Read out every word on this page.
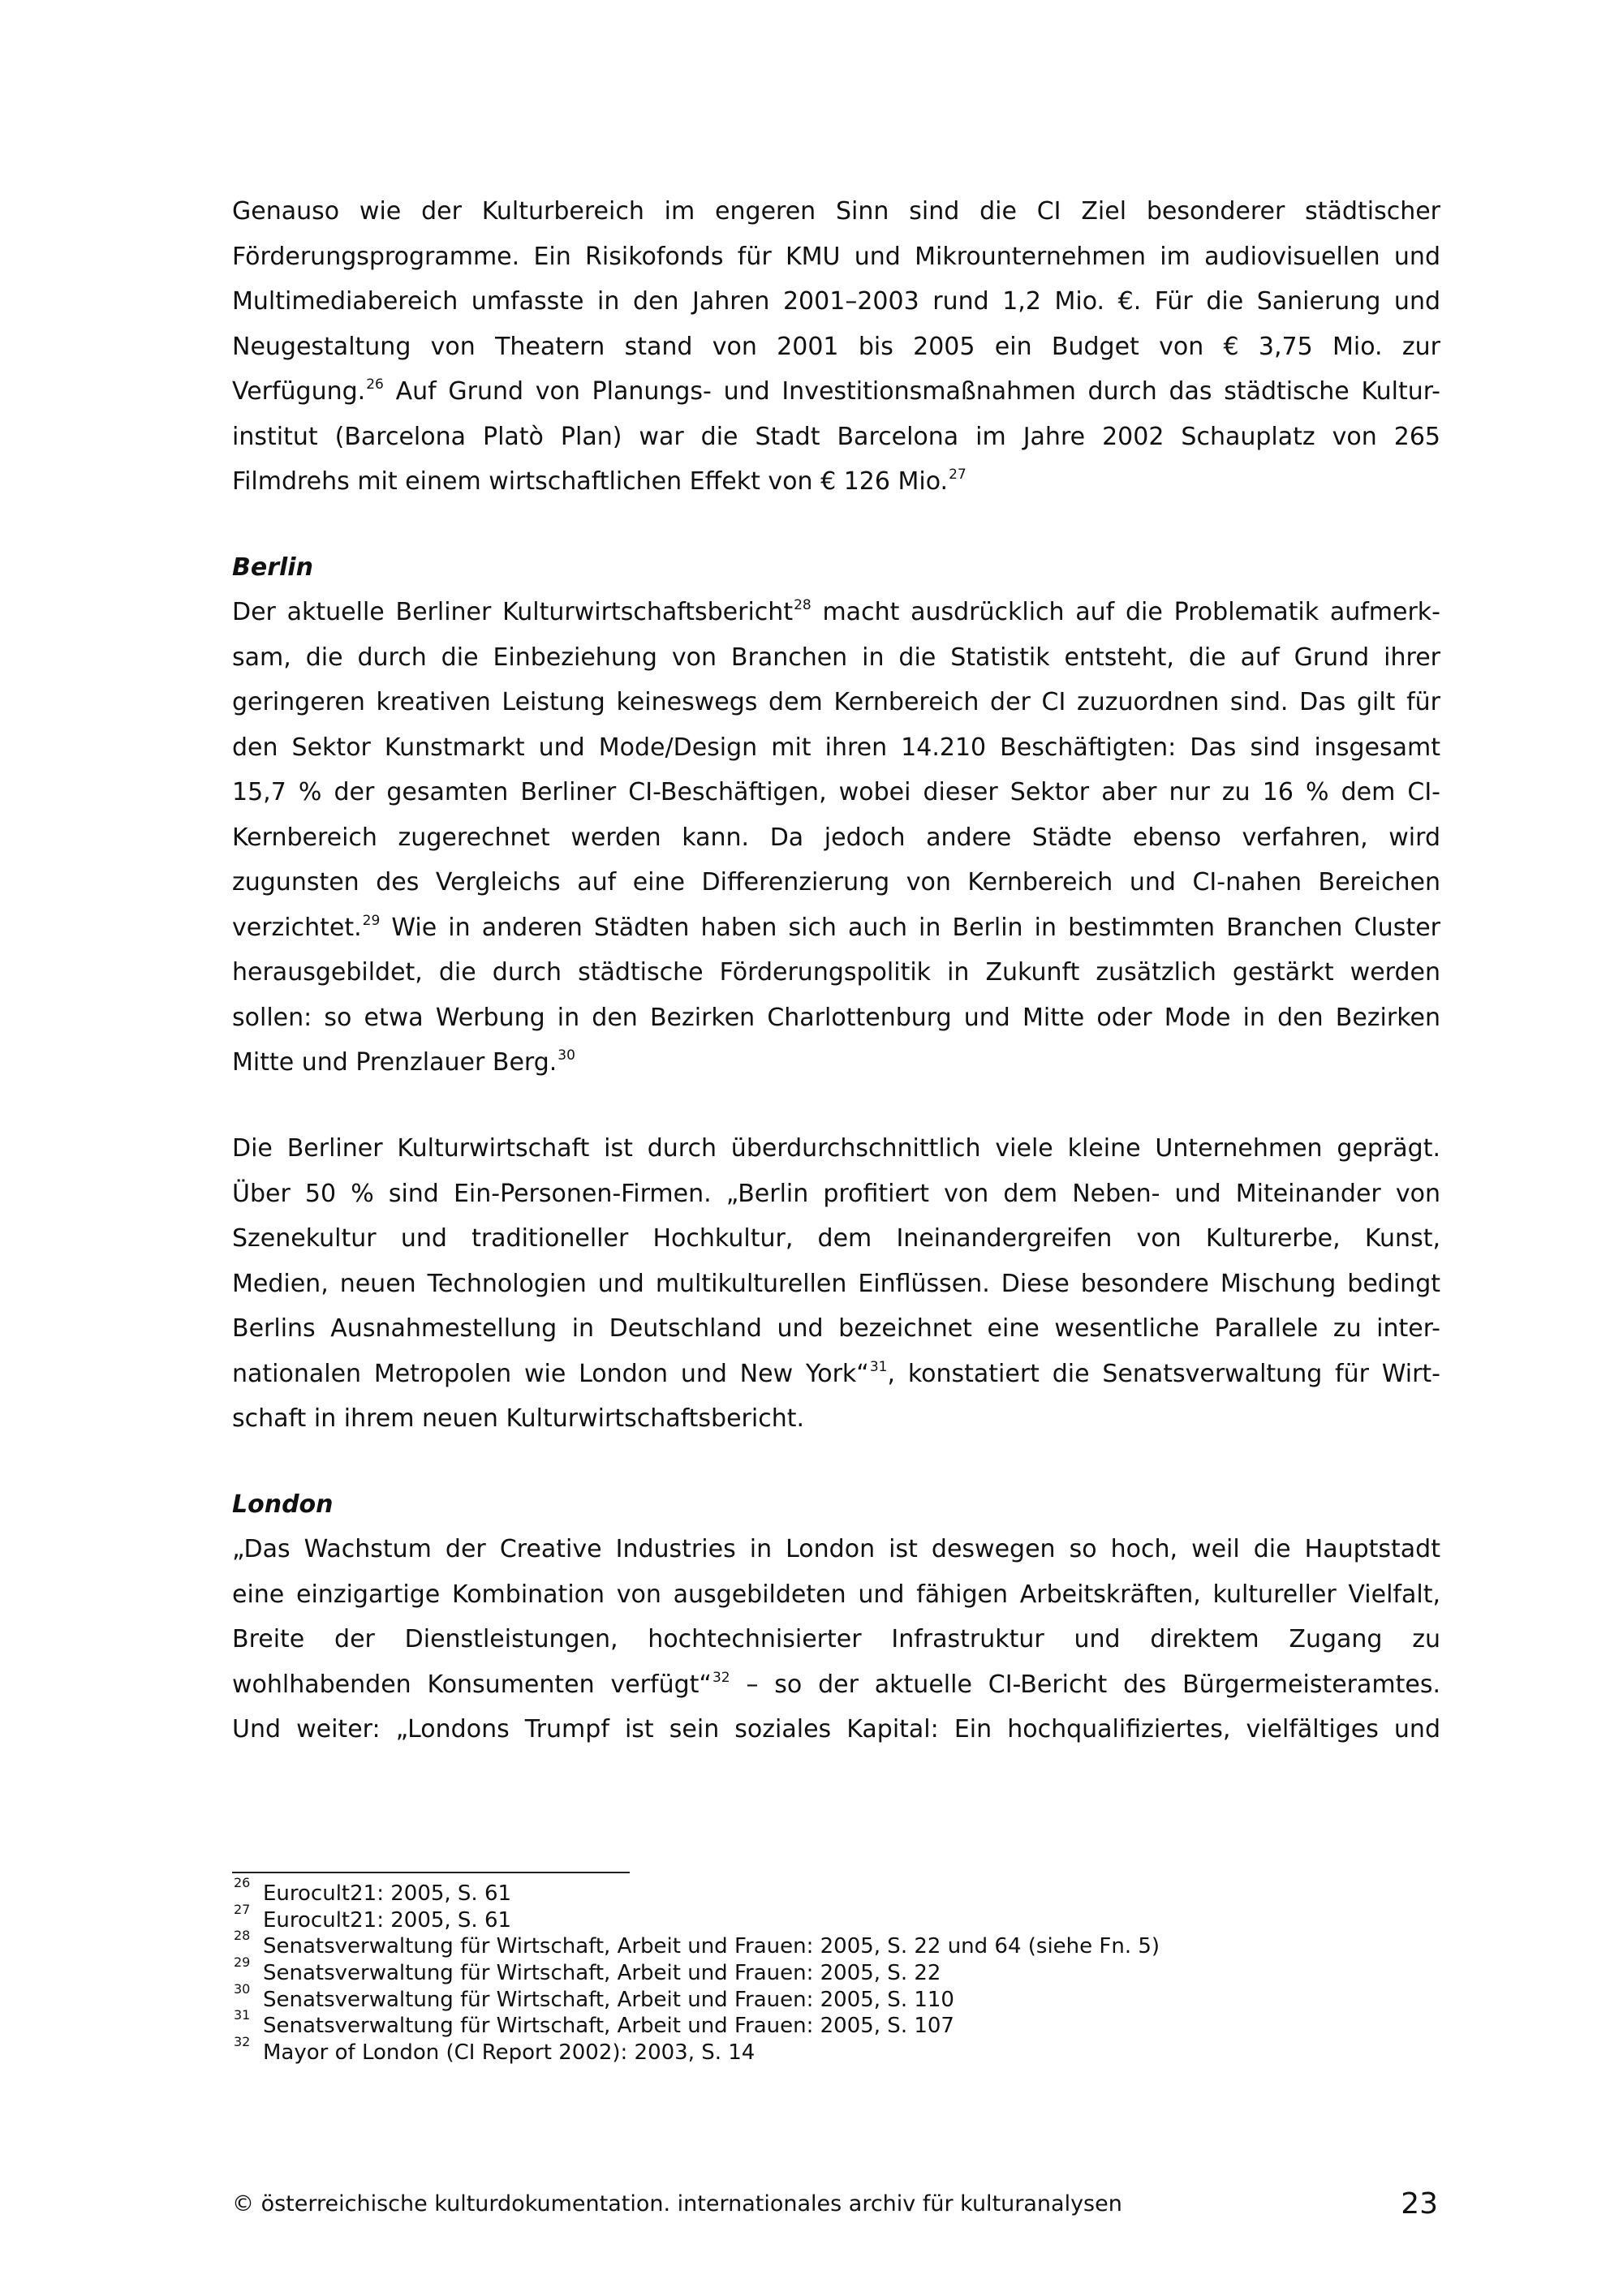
Genauso wie der Kulturbereich im engeren Sinn sind die CI Ziel besonderer städtischer
Förderungsprogramme. Ein Risikofonds für KMU und Mikrounternehmen im audiovisuellen und
Multimediabereich umfasste in den Jahren 2001–2003 rund 1,2 Mio. €. Für die Sanierung und
Neugestaltung von Theatern stand von 2001 bis 2005 ein Budget von € 3,75 Mio. zur
Verfügung.$^{26}$ Auf Grund von Planungs- und Investitionsmaßnahmen durch das städtische Kultur-
institut (Barcelona Platò Plan) war die Stadt Barcelona im Jahre 2002 Schauplatz von 265
Filmdrehs mit einem wirtschaftlichen Effekt von € 126 Mio.$^{27}$
Berlin
Der aktuelle Berliner Kulturwirtschaftsbericht$^{28}$ macht ausdrücklich auf die Problematik aufmerk-
sam, die durch die Einbeziehung von Branchen in die Statistik entsteht, die auf Grund ihrer
geringeren kreativen Leistung keineswegs dem Kernbereich der CI zuzuordnen sind. Das gilt für
den Sektor Kunstmarkt und Mode/Design mit ihren 14.210 Beschäftigten: Das sind insgesamt
15,7 % der gesamten Berliner CI-Beschäftigen, wobei dieser Sektor aber nur zu 16 % dem CI-
Kernbereich zugerechnet werden kann. Da jedoch andere Städte ebenso verfahren, wird
zugunsten des Vergleichs auf eine Differenzierung von Kernbereich und CI-nahen Bereichen
verzichtet.$^{29}$ Wie in anderen Städten haben sich auch in Berlin in bestimmten Branchen Cluster
herausgebildet, die durch städtische Förderungspolitik in Zukunft zusätzlich gestärkt werden
sollen: so etwa Werbung in den Bezirken Charlottenburg und Mitte oder Mode in den Bezirken
Mitte und Prenzlauer Berg.$^{30}$
Die Berliner Kulturwirtschaft ist durch überdurchschnittlich viele kleine Unternehmen geprägt.
Über 50 % sind Ein-Personen-Firmen. „Berlin profitiert von dem Neben- und Miteinander von
Szenekultur und traditioneller Hochkultur, dem Ineinandergreifen von Kulturerbe, Kunst,
Medien, neuen Technologien und multikulturellen Einflüssen. Diese besondere Mischung bedingt
Berlins Ausnahmestellung in Deutschland und bezeichnet eine wesentliche Parallele zu inter-
nationalen Metropolen wie London und New York“$^{31}$, konstatiert die Senatsverwaltung für Wirt-
schaft in ihrem neuen Kulturwirtschaftsbericht.
London
„Das Wachstum der Creative Industries in London ist deswegen so hoch, weil die Hauptstadt
eine einzigartige Kombination von ausgebildeten und fähigen Arbeitskräften, kultureller Vielfalt,
Breite der Dienstleistungen, hochtechnisierter Infrastruktur und direktem Zugang zu
wohlhabenden Konsumenten verfügt“$^{32}$ – so der aktuelle CI-Bericht des Bürgermeisteramtes.
Und weiter: „Londons Trumpf ist sein soziales Kapital: Ein hochqualifiziertes, vielfältiges und
26 Eurocult21: 2005, S. 61
27 Eurocult21: 2005, S. 61
28 Senatsverwaltung für Wirtschaft, Arbeit und Frauen: 2005, S. 22 und 64 (siehe Fn. 5)
29 Senatsverwaltung für Wirtschaft, Arbeit und Frauen: 2005, S. 22
30 Senatsverwaltung für Wirtschaft, Arbeit und Frauen: 2005, S. 110
31 Senatsverwaltung für Wirtschaft, Arbeit und Frauen: 2005, S. 107
32 Mayor of London (CI Report 2002): 2003, S. 14
© österreichische kulturdokumentation. internationales archiv für kulturanalysen	23
